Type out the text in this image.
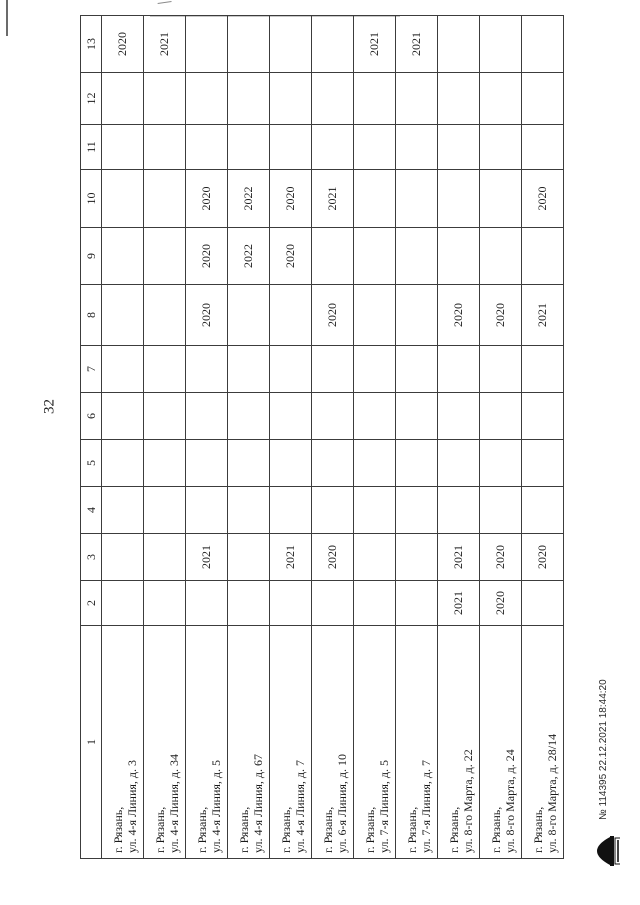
32
1	2	3	4	5	6	7	8	9	10	11	12	13

г. Рязань, ул. 4-я Линия, д. 3												2020

г. Рязань, ул. 4-я Линия, д. 34												2021

г. Рязань, ул. 4-я Линия, д. 5		2021					2020	2020	2020			

г. Рязань, ул. 4-я Линия, д. 67								2022	2022			

г. Рязань, ул. 4-я Линия, д. 7		2021						2020	2020			

г. Рязань, ул. 6-я Линия, д. 10		2020					2020		2021			

г. Рязань, ул. 7-я Линия, д. 5												2021

г. Рязань, ул. 7-я Линия, д. 7												2021

г. Рязань, ул. 8-го Марта, д. 22	2021	2021					2020					

г. Рязань, ул. 8-го Марта, д. 24	2020	2020					2020					

г. Рязань, ул. 8-го Марта, д. 28/14		2020					2021		2020			
№ 114395 22.12.2021 18:44:20
